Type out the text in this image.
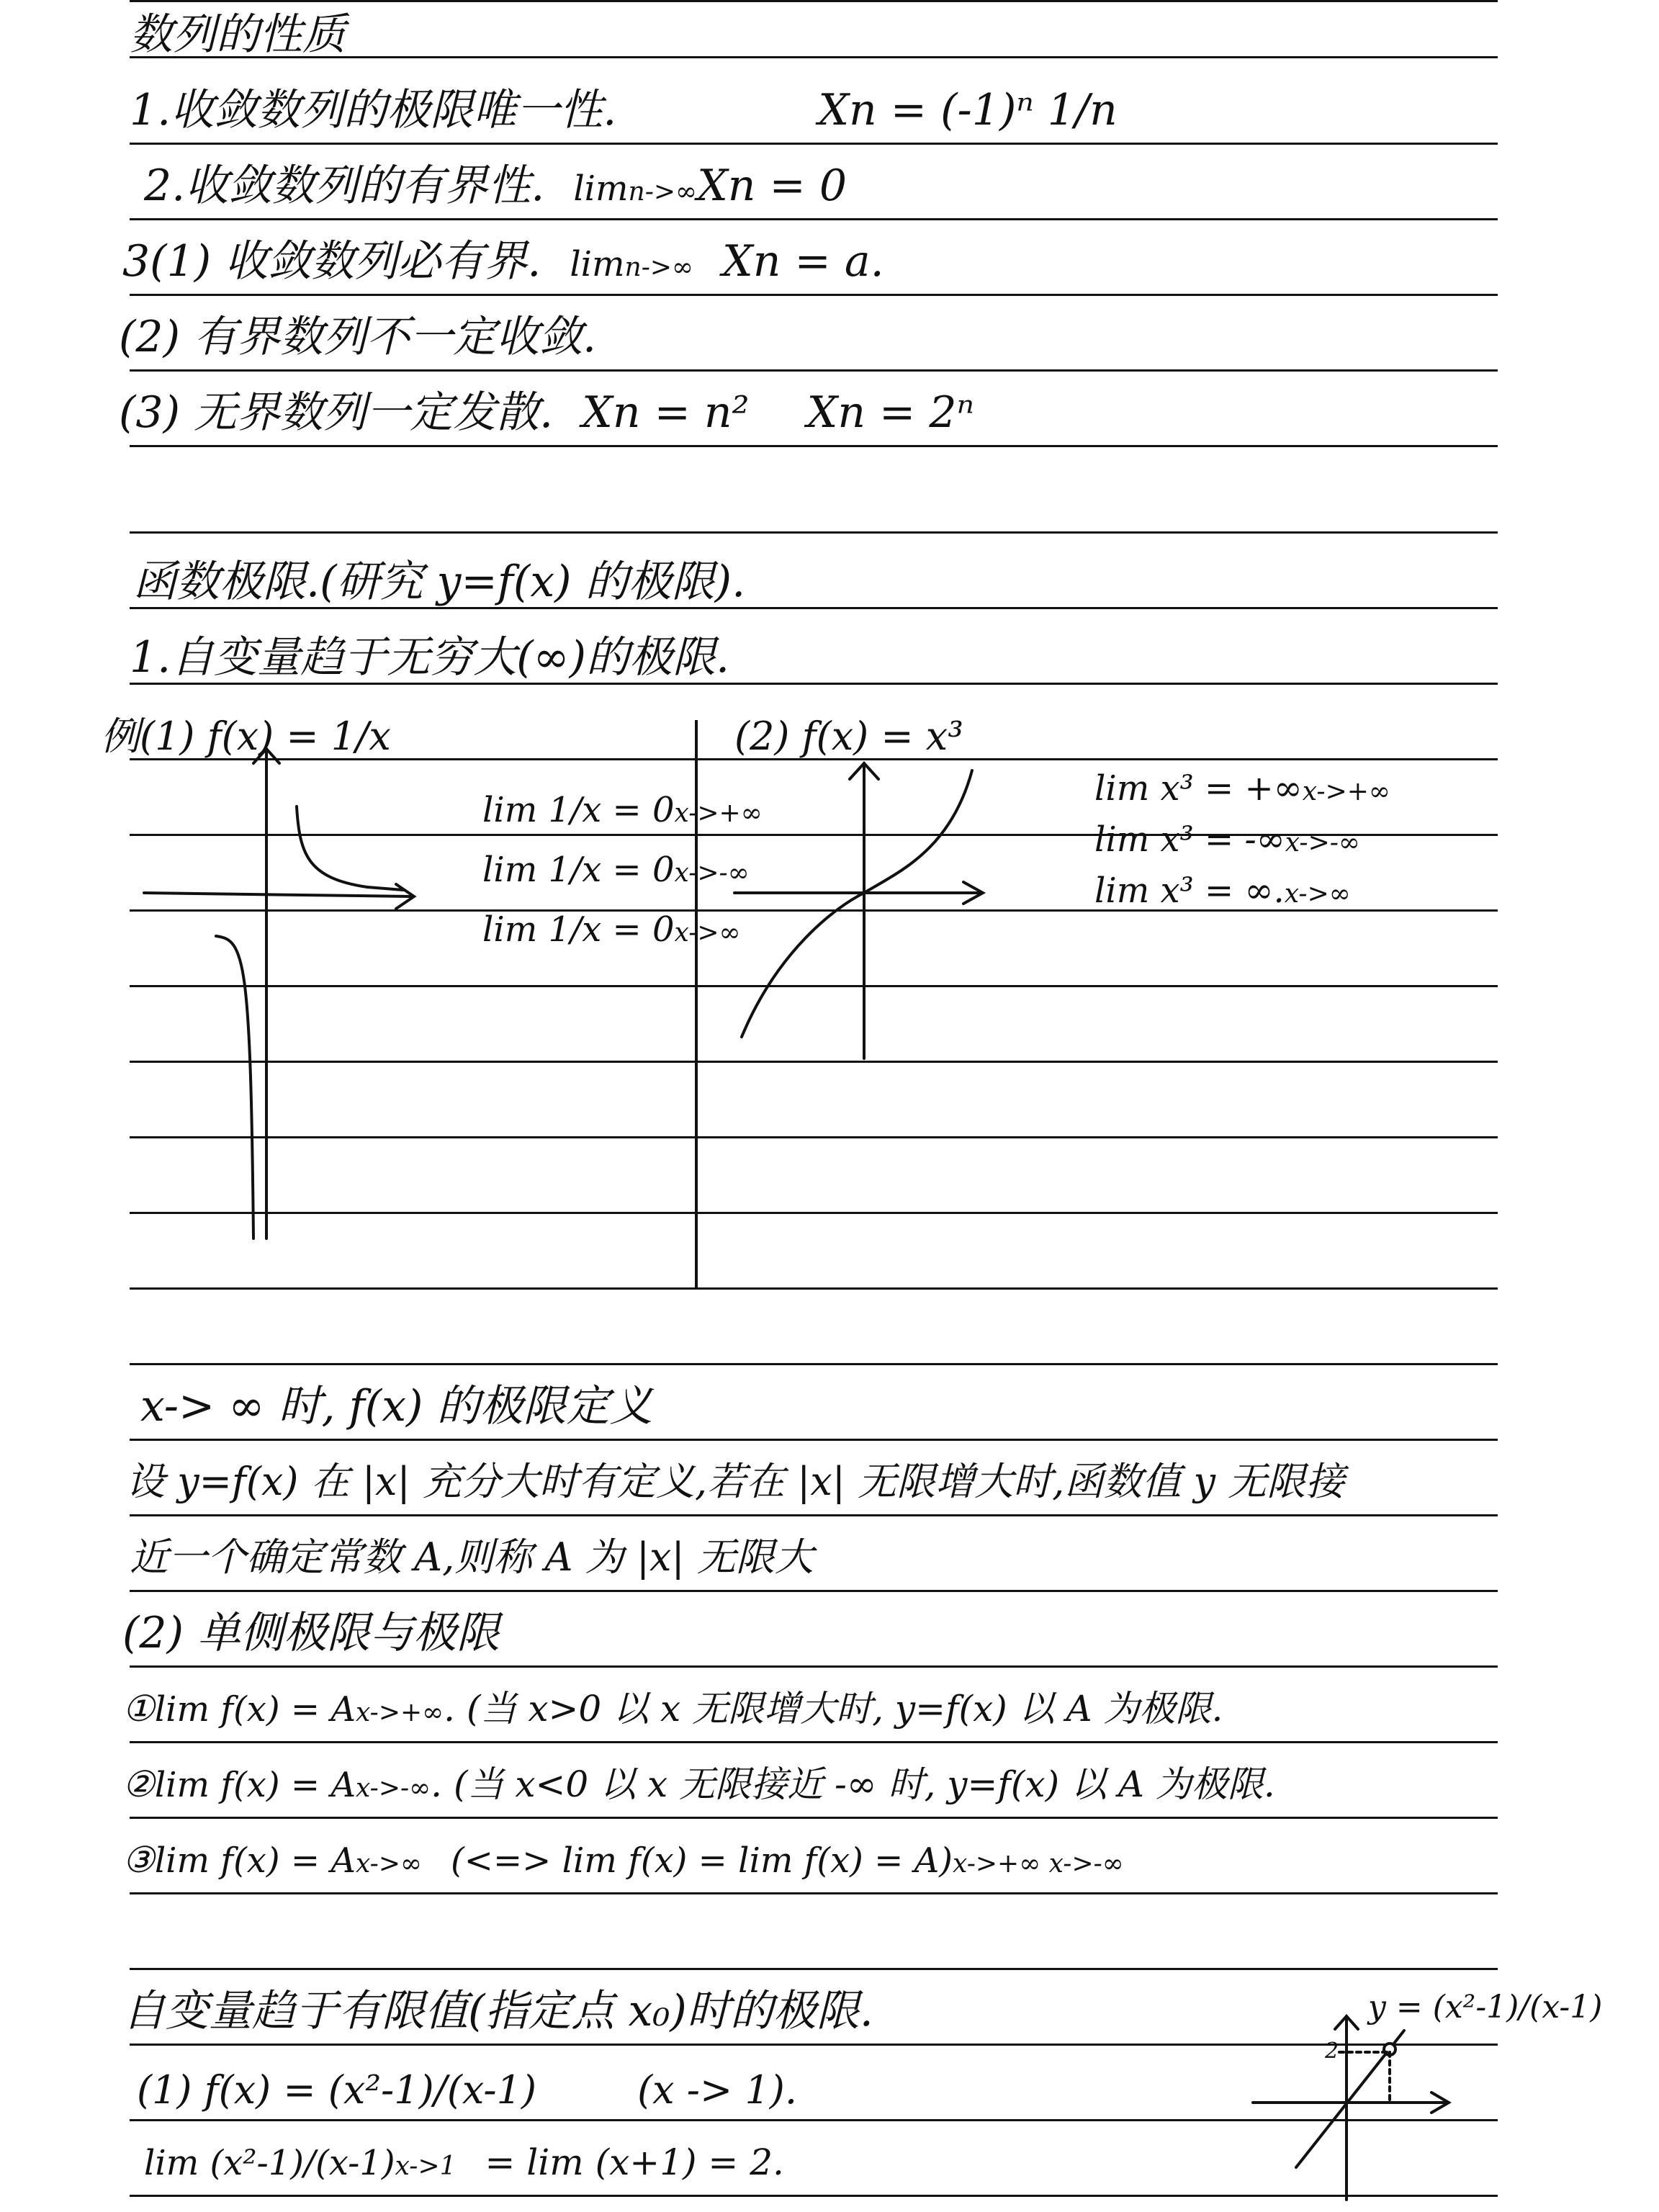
数列的性质
1.收敛数列的极限唯一性.	Xn = (-1)ⁿ 1/n
2.收敛数列的有界性. limn->∞ Xn = 0
3(1) 收敛数列必有界. limn->∞ Xn = a.
(2) 有界数列不一定收敛.
(3) 无界数列一定发散. Xn = n² Xn = 2ⁿ
函数极限.(研究 y=f(x) 的极限).
1.自变量趋于无穷大(∞)的极限.
例(1) f(x) = 1/x
lim 1/x = 0x->+∞
lim 1/x = 0x->-∞
lim 1/x = 0x->∞
(2) f(x) = x³
lim x³ = +∞x->+∞
lim x³ = -∞x->-∞
lim x³ = ∞.x->∞
x-> ∞ 时, f(x) 的极限定义
设 y=f(x) 在 |x| 充分大时有定义,若在 |x| 无限增大时,函数值 y 无限接
近一个确定常数 A,则称 A 为 |x| 无限大
(2) 单侧极限与极限
① lim f(x) = Ax->+∞ . (当 x>0 以 x 无限增大时, y=f(x) 以 A 为极限.
② lim f(x) = Ax->-∞ . (当 x<0 以 x 无限接近 -∞ 时, y=f(x) 以 A 为极限.
③ lim f(x) = Ax->∞ (<=> lim f(x) = lim f(x) = A)x->+∞ x->-∞
自变量趋于有限值(指定点 x₀)时的极限.
(1) f(x) = (x²-1)/(x-1)	(x -> 1).
lim (x²-1)/(x-1)x->1 = lim (x+1) = 2.
y = (x²-1)/(x-1)
2
